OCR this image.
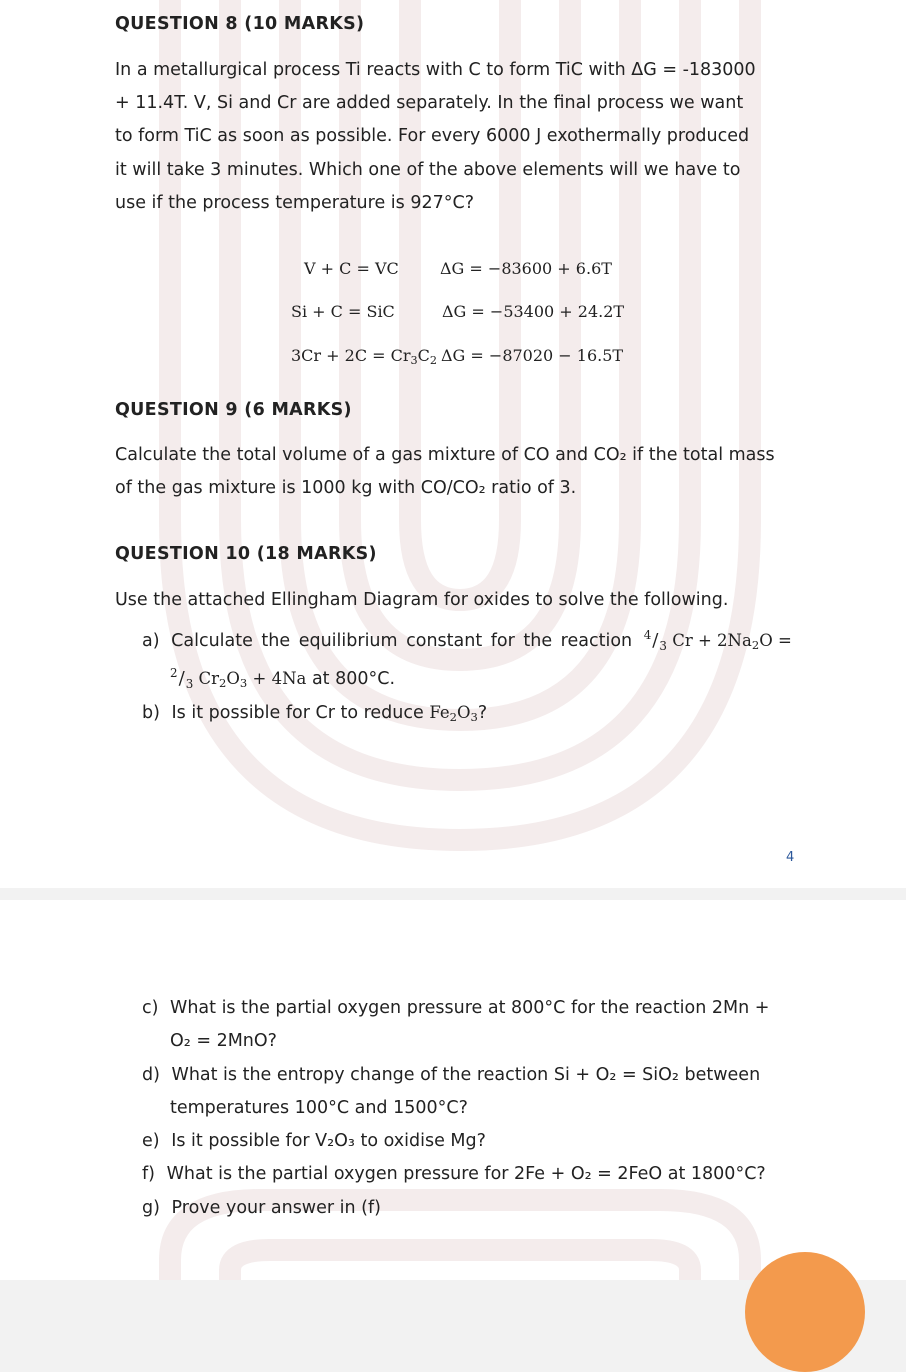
QUESTION 8 (10 MARKS)
In a metallurgical process Ti reacts with C to form TiC with ΔG = -183000
+ 11.4T. V, Si and Cr are added separately. In the final process we want
to form TiC as soon as possible. For every 6000 J exothermally produced
it will take 3 minutes. Which one of the above elements will we have to
use if the process temperature is 927°C?
V + C = VC	ΔG = −83600 + 6.6T
Si + C = SiC	ΔG = −53400 + 24.2T
$3Cr + 2C = Cr_3C_2$ ΔG = −87020 − 16.5T
QUESTION 9 (6 MARKS)
Calculate the total volume of a gas mixture of CO and CO₂ if the total mass
of the gas mixture is 1000 kg with CO/CO₂ ratio of 3.
QUESTION 10 (18 MARKS)
Use the attached Ellingham Diagram for oxides to solve the following.
a) Calculate the equilibrium constant for the reaction $^4/_3$ $Cr + 2Na_2O$ =
$^2/_3$ $Cr_2O_3 + 4Na$ at 800°C.
b) Is it possible for Cr to reduce $Fe_2O_3$?
4
c) What is the partial oxygen pressure at 800°C for the reaction 2Mn +
O₂ = 2MnO?
d) What is the entropy change of the reaction Si + O₂ = SiO₂ between
temperatures 100°C and 1500°C?
e) Is it possible for V₂O₃ to oxidise Mg?
f) What is the partial oxygen pressure for 2Fe + O₂ = 2FeO at 1800°C?
g) Prove your answer in (f)
